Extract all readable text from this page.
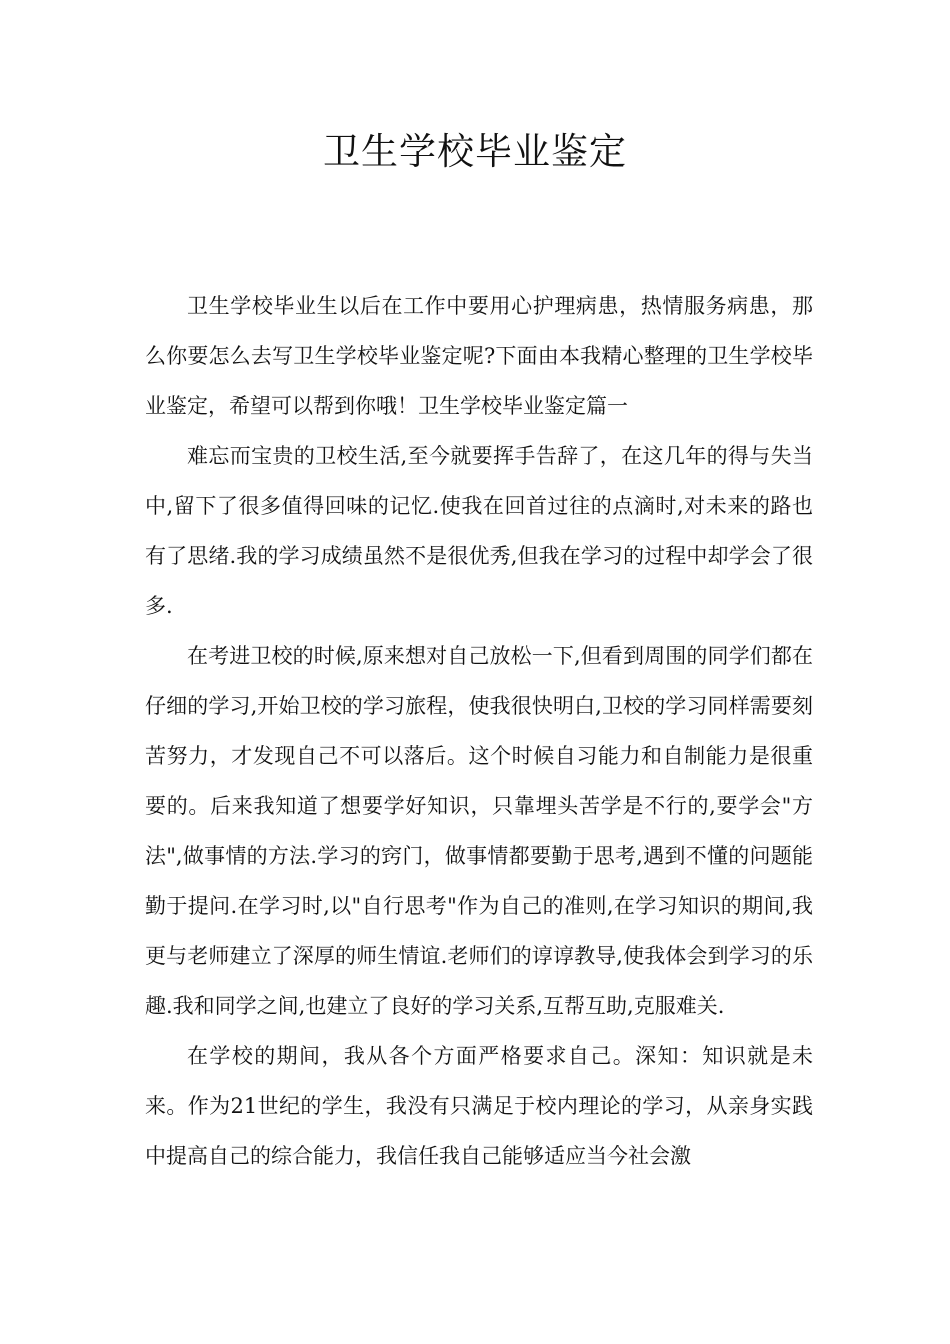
卫生学校毕业鉴定

卫生学校毕业生以后在工作中要用心护理病患，热情服务病患，那么你要怎么去写卫生学校毕业鉴定呢?下面由本我精心整理的卫生学校毕业鉴定，希望可以帮到你哦！卫生学校毕业鉴定篇一

难忘而宝贵的卫校生活,至今就要挥手告辞了，在这几年的得与失当中,留下了很多值得回味的记忆.使我在回首过往的点滴时,对未来的路也有了思绪.我的学习成绩虽然不是很优秀,但我在学习的过程中却学会了很多.

在考进卫校的时候,原来想对自己放松一下,但看到周围的同学们都在仔细的学习,开始卫校的学习旅程，使我很快明白,卫校的学习同样需要刻苦努力，才发现自己不可以落后。这个时候自习能力和自制能力是很重要的。后来我知道了想要学好知识，只靠埋头苦学是不行的,要学会"方法",做事情的方法.学习的窍门，做事情都要勤于思考,遇到不懂的问题能勤于提问.在学习时,以"自行思考"作为自己的准则,在学习知识的期间,我更与老师建立了深厚的师生情谊.老师们的谆谆教导,使我体会到学习的乐趣.我和同学之间,也建立了良好的学习关系,互帮互助,克服难关.

在学校的期间，我从各个方面严格要求自己。深知：知识就是未来。作为21世纪的学生，我没有只满足于校内理论的学习，从亲身实践中提高自己的综合能力，我信任我自己能够适应当今社会激
